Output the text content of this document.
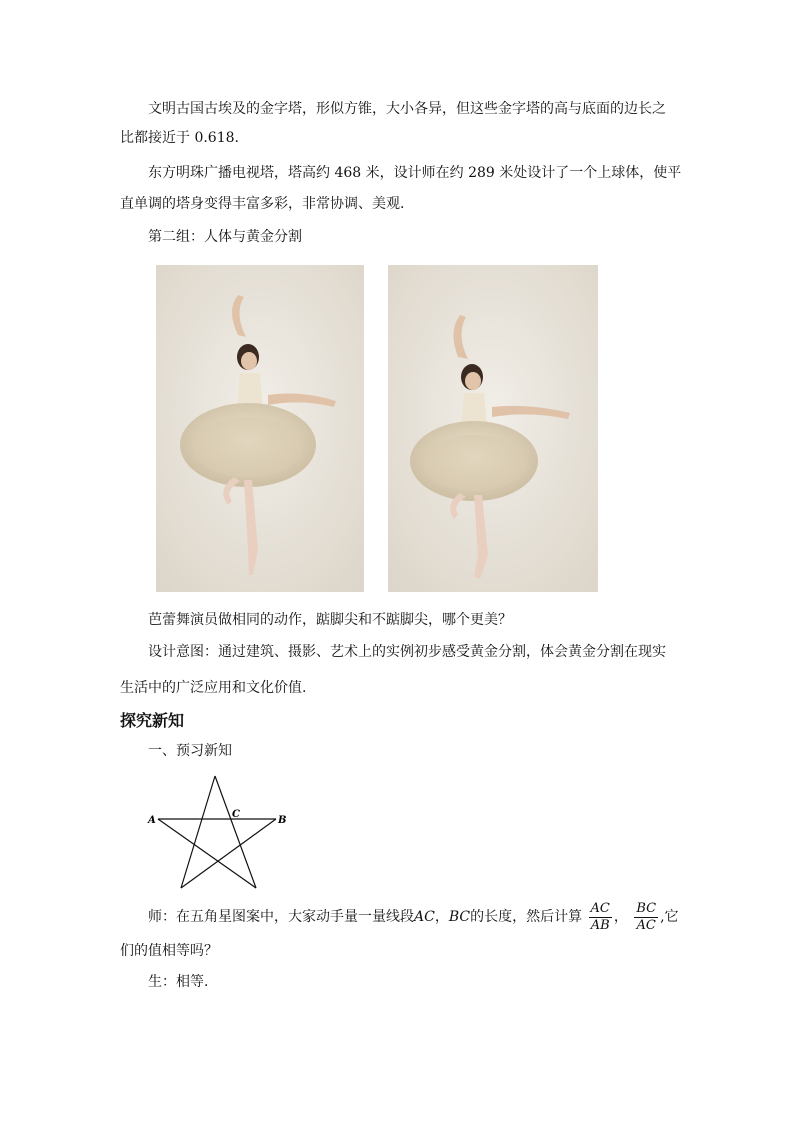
文明古国古埃及的金字塔，形似方锥，大小各异，但这些金字塔的高与底面的边长之
比都接近于 0.618.
东方明珠广播电视塔，塔高约 468 米，设计师在约 289 米处设计了一个上球体，使平
直单调的塔身变得丰富多彩，非常协调、美观.
第二组：人体与黄金分割
芭蕾舞演员做相同的动作，踮脚尖和不踮脚尖，哪个更美？
设计意图：通过建筑、摄影、艺术上的实例初步感受黄金分割，体会黄金分割在现实
生活中的广泛应用和文化价值.
探究新知
一、预习新知
A
C
B
师：在五角星图案中，大家动手量一量线段AC，BC的长度，然后计算 $\frac{AC}{AB}$ ， $\frac{BC}{AC}$ ,它
们的值相等吗？
生：相等.
